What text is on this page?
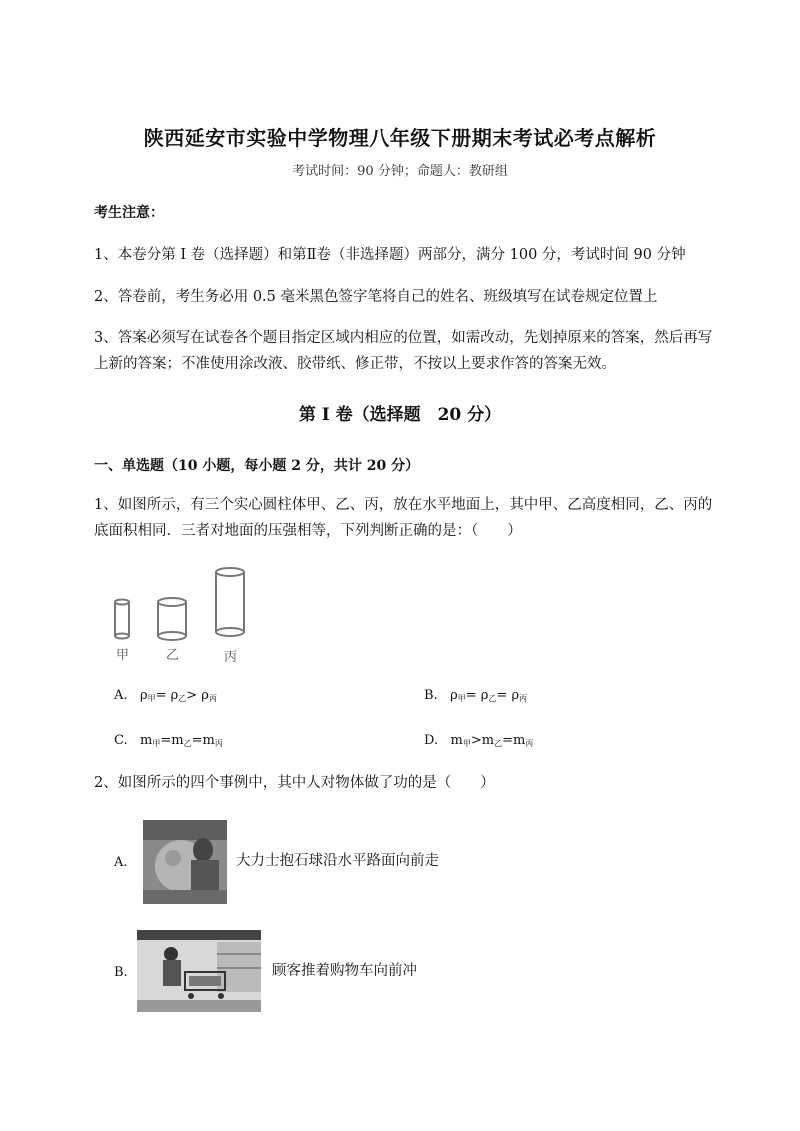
陕西延安市实验中学物理八年级下册期末考试必考点解析
考试时间：90 分钟；命题人：教研组
考生注意：
1、本卷分第 I 卷（选择题）和第Ⅱ卷（非选择题）两部分，满分 100 分，考试时间 90 分钟
2、答卷前，考生务必用 0.5 毫米黑色签字笔将自己的姓名、班级填写在试卷规定位置上
3、答案必须写在试卷各个题目指定区域内相应的位置，如需改动，先划掉原来的答案，然后再写上新的答案；不准使用涂改液、胶带纸、修正带，不按以上要求作答的答案无效。
第 I 卷（选择题　20 分）
一、单选题（10 小题，每小题 2 分，共计 20 分）
1、如图所示，有三个实心圆柱体甲、乙、丙，放在水平地面上，其中甲、乙高度相同，乙、丙的底面积相同．三者对地面的压强相等，下列判断正确的是：（　　）
甲	乙	丙
A. $\rho_甲= \rho_乙> \rho_丙$	B. $\rho_甲= \rho_乙= \rho_丙$
C. $m_甲=m_乙=m_丙$	D. $m_甲>m_乙=m_丙$
2、如图所示的四个事例中，其中人对物体做了功的是（　　）
A.	大力士抱石球沿水平路面向前走
B.	顾客推着购物车向前冲
